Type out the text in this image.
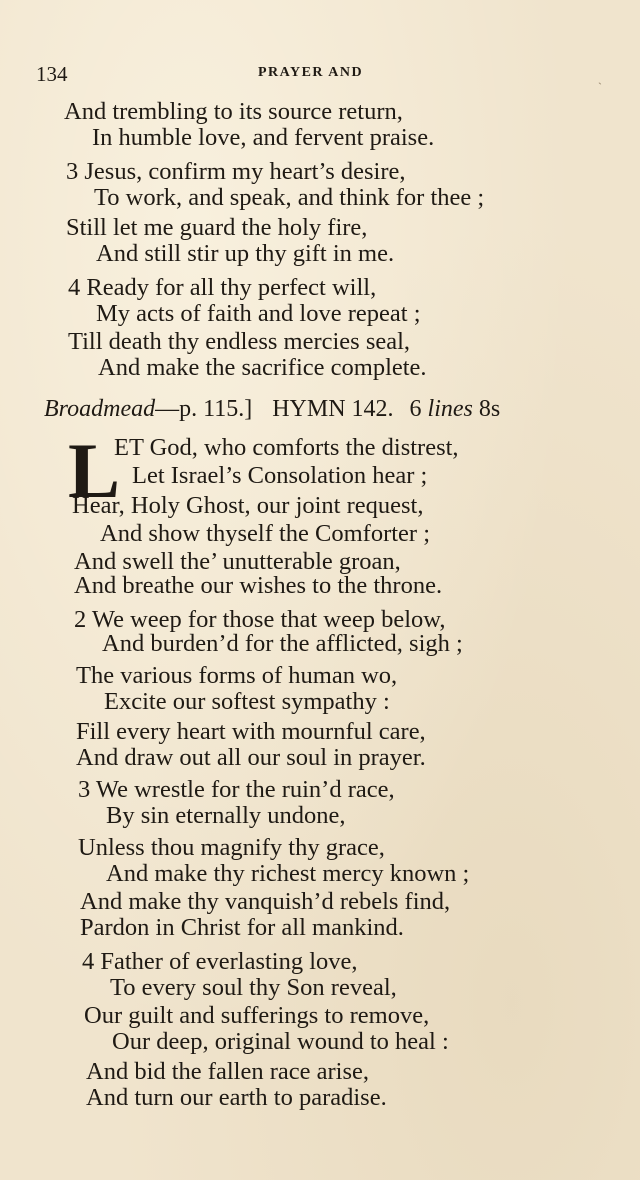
134	PRAYER AND
ˋ
And trembling to its source return,
In humble love, and fervent praise.
3 Jesus, confirm my heart’s desire,
To work, and speak, and think for thee ;
Still let me guard the holy fire,
And still stir up thy gift in me.
4 Ready for all thy perfect will,
My acts of faith and love repeat ;
Till death thy endless mercies seal,
And make the sacrifice complete.
Broadmead—p. 115.] HYMN 142. 6 lines 8s
L
ET God, who comforts the distrest,
Let Israel’s Consolation hear ;
Hear, Holy Ghost, our joint request,
And show thyself the Comforter ;
And swell the’ unutterable groan,
And breathe our wishes to the throne.
2 We weep for those that weep below,
And burden’d for the afflicted, sigh ;
The various forms of human wo,
Excite our softest sympathy :
Fill every heart with mournful care,
And draw out all our soul in prayer.
3 We wrestle for the ruin’d race,
By sin eternally undone,
Unless thou magnify thy grace,
And make thy richest mercy known ;
And make thy vanquish’d rebels find,
Pardon in Christ for all mankind.
4 Father of everlasting love,
To every soul thy Son reveal,
Our guilt and sufferings to remove,
Our deep, original wound to heal :
And bid the fallen race arise,
And turn our earth to paradise.
